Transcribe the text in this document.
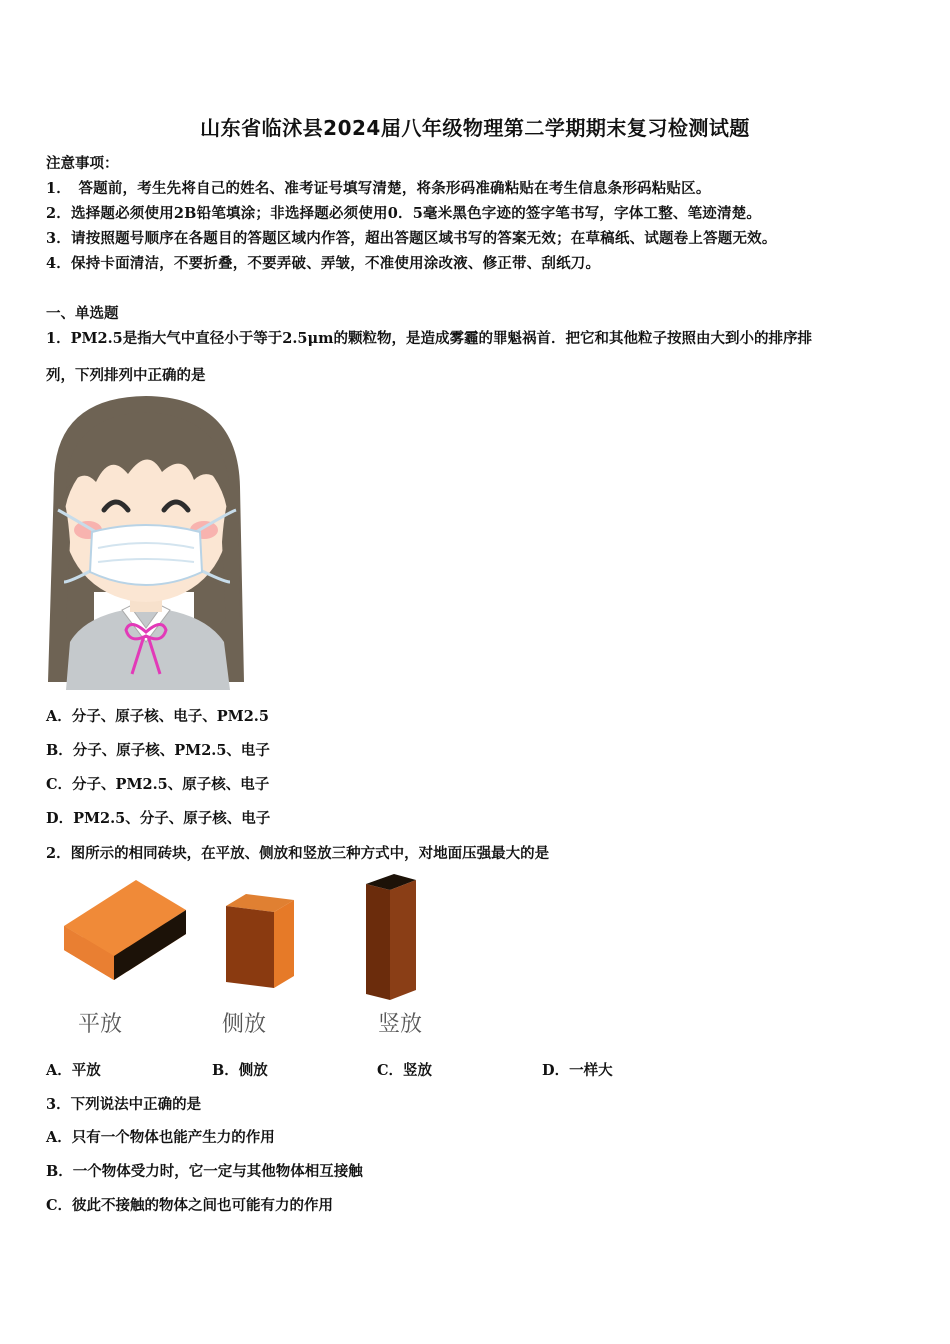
山东省临沭县2024届八年级物理第二学期期末复习检测试题
注意事项：
1．　答题前，考生先将自己的姓名、准考证号填写清楚，将条形码准确粘贴在考生信息条形码粘贴区。
2．选择题必须使用2B铅笔填涂；非选择题必须使用0．5毫米黑色字迹的签字笔书写，字体工整、笔迹清楚。
3．请按照题号顺序在各题目的答题区域内作答，超出答题区域书写的答案无效；在草稿纸、试题卷上答题无效。
4．保持卡面清洁，不要折叠，不要弄破、弄皱，不准使用涂改液、修正带、刮纸刀。
一、单选题
1．PM2.5是指大气中直径小于等于2.5μm的颗粒物，是造成雾霾的罪魁祸首．把它和其他粒子按照由大到小的排序排
列，下列排列中正确的是
A．分子、原子核、电子、PM2.5
B．分子、原子核、PM2.5、电子
C．分子、PM2.5、原子核、电子
D．PM2.5、分子、原子核、电子
2．图所示的相同砖块，在平放、侧放和竖放三种方式中，对地面压强最大的是
平放	侧放	竖放
A．平放	B．侧放	C．竖放	D．一样大
3．下列说法中正确的是
A．只有一个物体也能产生力的作用
B．一个物体受力时，它一定与其他物体相互接触
C．彼此不接触的物体之间也可能有力的作用
